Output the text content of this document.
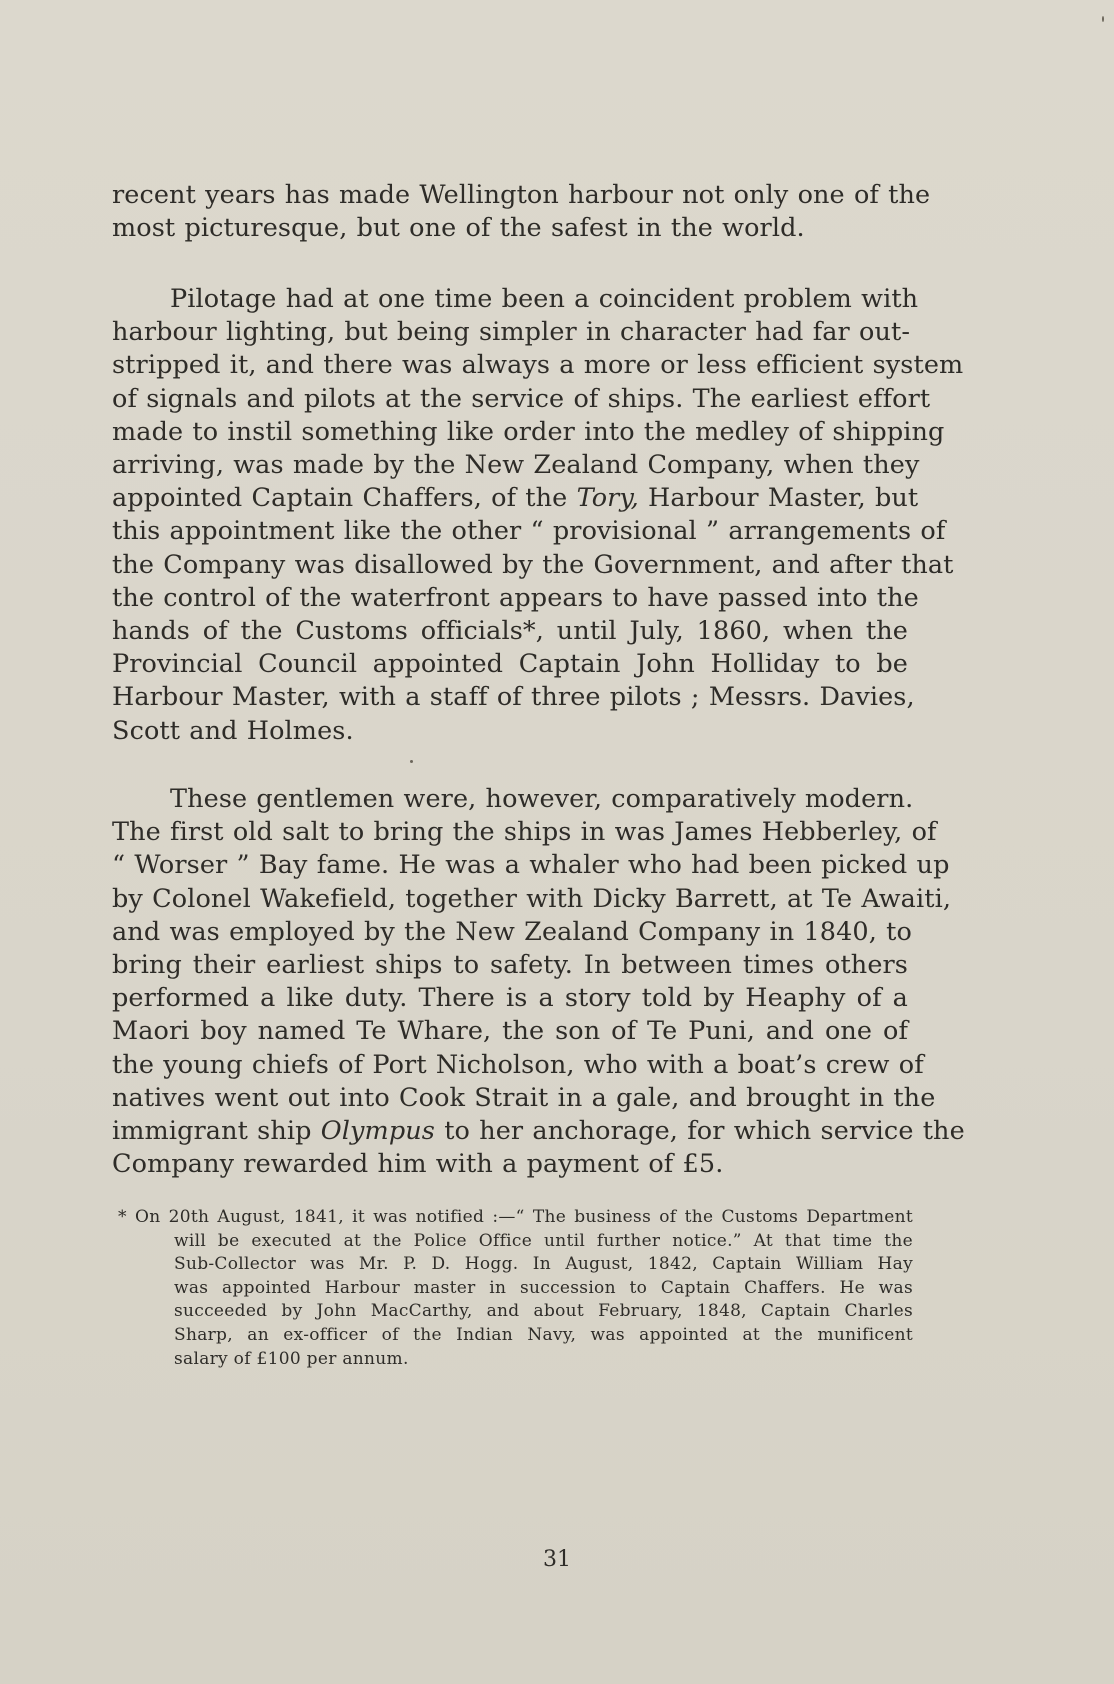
recent years has made Wellington harbour not only one of the
most picturesque, but one of the safest in the world.
Pilotage had at one time been a coincident problem with
harbour lighting, but being simpler in character had far out-
stripped it, and there was always a more or less efficient system
of signals and pilots at the service of ships. The earliest effort
made to instil something like order into the medley of shipping
arriving, was made by the New Zealand Company, when they
appointed Captain Chaffers, of the Tory, Harbour Master, but
this appointment like the other “ provisional ” arrangements of
the Company was disallowed by the Government, and after that
the control of the waterfront appears to have passed into the
hands of the Customs officials*, until July, 1860, when the
Provincial Council appointed Captain John Holliday to be
Harbour Master, with a staff of three pilots ; Messrs. Davies,
Scott and Holmes.
These gentlemen were, however, comparatively modern.
The first old salt to bring the ships in was James Hebberley, of
“ Worser ” Bay fame. He was a whaler who had been picked up
by Colonel Wakefield, together with Dicky Barrett, at Te Awaiti,
and was employed by the New Zealand Company in 1840, to
bring their earliest ships to safety. In between times others
performed a like duty. There is a story told by Heaphy of a
Maori boy named Te Whare, the son of Te Puni, and one of
the young chiefs of Port Nicholson, who with a boat’s crew of
natives went out into Cook Strait in a gale, and brought in the
immigrant ship Olympus to her anchorage, for which service the
Company rewarded him with a payment of £5.
* On 20th August, 1841, it was notified :—“ The business of the Customs Department
will be executed at the Police Office until further notice.” At that time the
Sub-Collector was Mr. P. D. Hogg. In August, 1842, Captain William Hay
was appointed Harbour master in succession to Captain Chaffers. He was
succeeded by John MacCarthy, and about February, 1848, Captain Charles
Sharp, an ex-officer of the Indian Navy, was appointed at the munificent
salary of £100 per annum.
31
